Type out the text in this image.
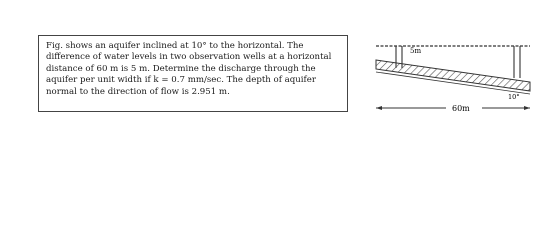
Fig. shows an aquifer inclined at 10° to the horizontal. The
difference of water levels in two observation wells at a horizontal
distance of 60 m is 5 m. Determine the discharge through the
aquifer per unit width if k = 0.7 mm/sec. The depth of aquifer
normal to the direction of flow is 2.951 m.
5m
10°
60m
